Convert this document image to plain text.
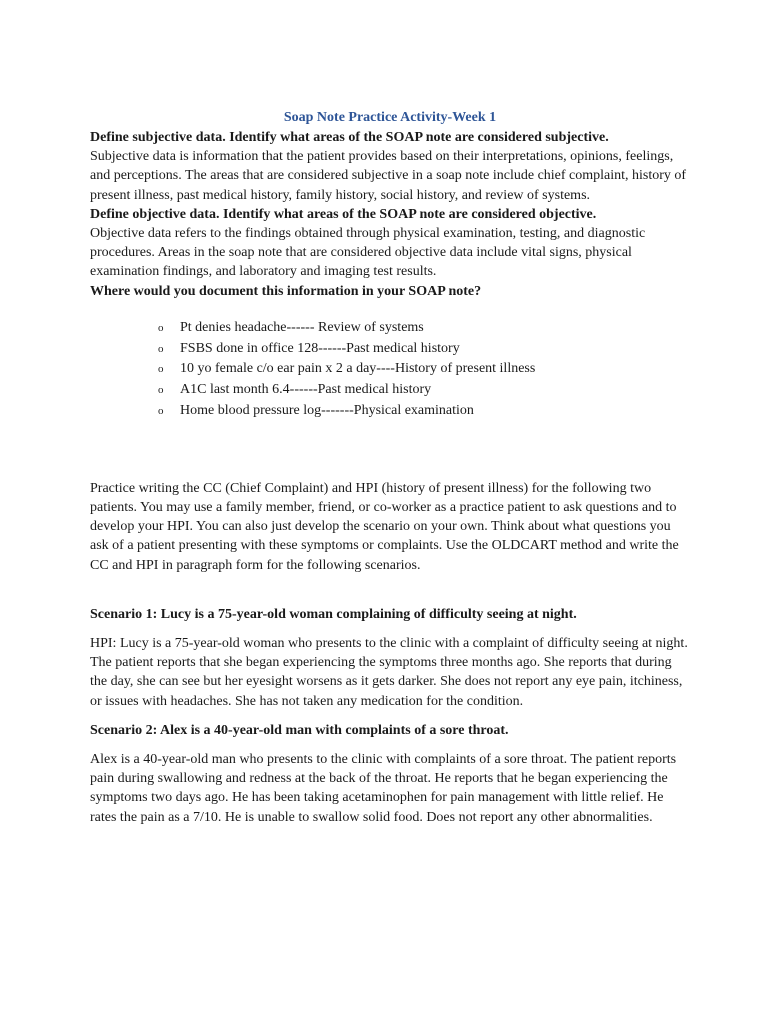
Soap Note Practice Activity-Week 1

Define subjective data. Identify what areas of the SOAP note are considered subjective.

Subjective data is information that the patient provides based on their interpretations, opinions, feelings, and perceptions. The areas that are considered subjective in a soap note include chief complaint, history of present illness, past medical history, family history, social history, and review of systems.

Define objective data. Identify what areas of the SOAP note are considered objective.

Objective data refers to the findings obtained through physical examination, testing, and diagnostic procedures. Areas in the soap note that are considered objective data include vital signs, physical examination findings, and laboratory and imaging test results.

Where would you document this information in your SOAP note?

o Pt denies headache------ Review of systems
o FSBS done in office 128------Past medical history
o 10 yo female c/o ear pain x 2 a day----History of present illness
o A1C last month 6.4------Past medical history
o Home blood pressure log-------Physical examination

Practice writing the CC (Chief Complaint) and HPI (history of present illness) for the following two patients. You may use a family member, friend, or co-worker as a practice patient to ask questions and to develop your HPI. You can also just develop the scenario on your own. Think about what questions you ask of a patient presenting with these symptoms or complaints. Use the OLDCART method and write the CC and HPI in paragraph form for the following scenarios.

Scenario 1: Lucy is a 75-year-old woman complaining of difficulty seeing at night.

HPI: Lucy is a 75-year-old woman who presents to the clinic with a complaint of difficulty seeing at night. The patient reports that she began experiencing the symptoms three months ago. She reports that during the day, she can see but her eyesight worsens as it gets darker. She does not report any eye pain, itchiness, or issues with headaches. She has not taken any medication for the condition.

Scenario 2: Alex is a 40-year-old man with complaints of a sore throat.

Alex is a 40-year-old man who presents to the clinic with complaints of a sore throat. The patient reports pain during swallowing and redness at the back of the throat. He reports that he began experiencing the symptoms two days ago. He has been taking acetaminophen for pain management with little relief. He rates the pain as a 7/10. He is unable to swallow solid food. Does not report any other abnormalities.
